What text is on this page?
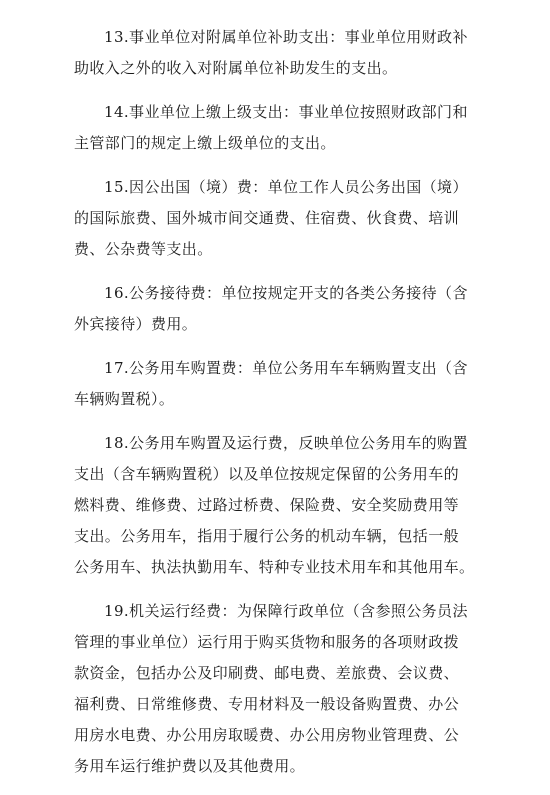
13.事业单位对附属单位补助支出：事业单位用财政补
助收入之外的收入对附属单位补助发生的支出。

14.事业单位上缴上级支出：事业单位按照财政部门和
主管部门的规定上缴上级单位的支出。

15.因公出国（境）费：单位工作人员公务出国（境）
的国际旅费、国外城市间交通费、住宿费、伙食费、培训
费、公杂费等支出。

16.公务接待费：单位按规定开支的各类公务接待（含
外宾接待）费用。

17.公务用车购置费：单位公务用车车辆购置支出（含
车辆购置税）。

18.公务用车购置及运行费，反映单位公务用车的购置
支出（含车辆购置税）以及单位按规定保留的公务用车的
燃料费、维修费、过路过桥费、保险费、安全奖励费用等
支出。公务用车，指用于履行公务的机动车辆，包括一般
公务用车、执法执勤用车、特种专业技术用车和其他用车。

19.机关运行经费：为保障行政单位（含参照公务员法
管理的事业单位）运行用于购买货物和服务的各项财政拨
款资金，包括办公及印刷费、邮电费、差旅费、会议费、
福利费、日常维修费、专用材料及一般设备购置费、办公
用房水电费、办公用房取暖费、办公用房物业管理费、公
务用车运行维护费以及其他费用。
